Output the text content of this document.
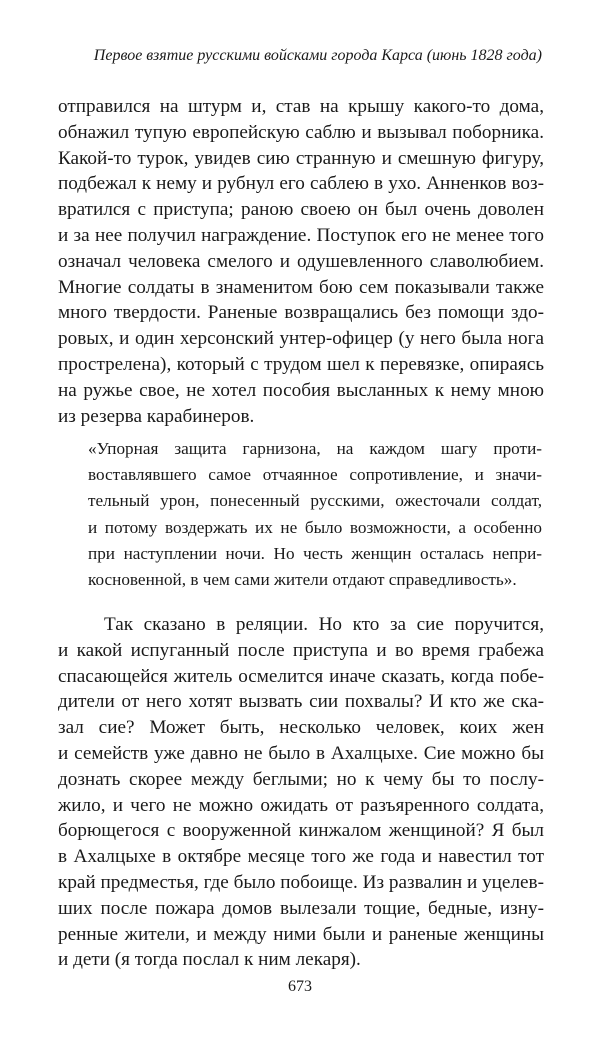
Первое взятие русскими войсками города Карса (июнь 1828 года)
отправился на штурм и, став на крышу какого-то дома,
обнажил тупую европейскую саблю и вызывал поборника.
Какой-то турок, увидев сию странную и смешную фигуру,
подбежал к нему и рубнул его саблею в ухо. Анненков воз-
вратился с приступа; раною своею он был очень доволен
и за нее получил награждение. Поступок его не менее того
означал человека смелого и одушевленного славолюбием.
Многие солдаты в знаменитом бою сем показывали также
много твердости. Раненые возвращались без помощи здо-
ровых, и один херсонский унтер-офицер (у него была нога
прострелена), который с трудом шел к перевязке, опираясь
на ружье свое, не хотел пособия высланных к нему мною
из резерва карабинеров.
«Упорная защита гарнизона, на каждом шагу проти-
воставлявшего самое отчаянное сопротивление, и значи-
тельный урон, понесенный русскими, ожесточали солдат,
и потому воздержать их не было возможности, а особенно
при наступлении ночи. Но честь женщин осталась непри-
косновенной, в чем сами жители отдают справедливость».
Так сказано в реляции. Но кто за сие поручится,
и какой испуганный после приступа и во время грабежа
спасающейся житель осмелится иначе сказать, когда побе-
дители от него хотят вызвать сии похвалы? И кто же ска-
зал сие? Может быть, несколько человек, коих жен
и семейств уже давно не было в Ахалцыхе. Сие можно бы
дознать скорее между беглыми; но к чему бы то послу-
жило, и чего не можно ожидать от разъяренного солдата,
борющегося с вооруженной кинжалом женщиной? Я был
в Ахалцыхе в октябре месяце того же года и навестил тот
край предместья, где было побоище. Из развалин и уцелев-
ших после пожара домов вылезали тощие, бедные, изну-
ренные жители, и между ними были и раненые женщины
и дети (я тогда послал к ним лекаря).
673
